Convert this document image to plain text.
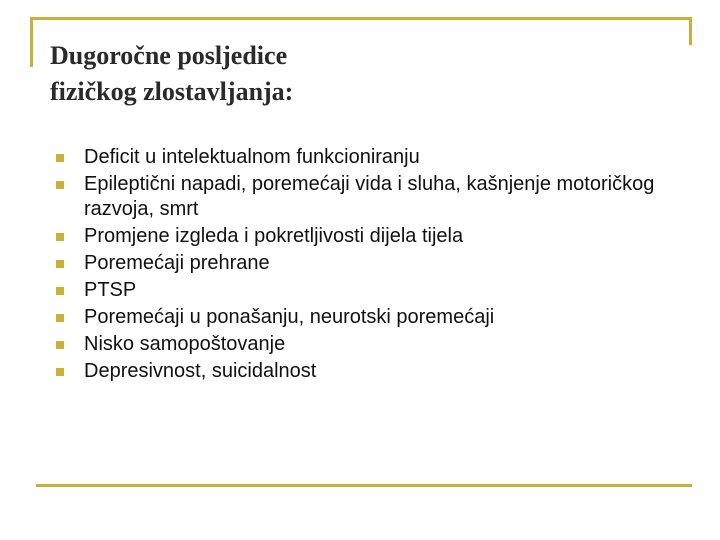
Dugoročne posljedice
fizičkog zlostavljanja:
Deficit u intelektualnom funkcioniranju
Epileptični napadi, poremećaji vida i sluha, kašnjenje motoričkog razvoja, smrt
Promjene izgleda i pokretljivosti dijela tijela
Poremećaji prehrane
PTSP
Poremećaji u ponašanju, neurotski poremećaji
Nisko samopoštovanje
Depresivnost, suicidalnost
